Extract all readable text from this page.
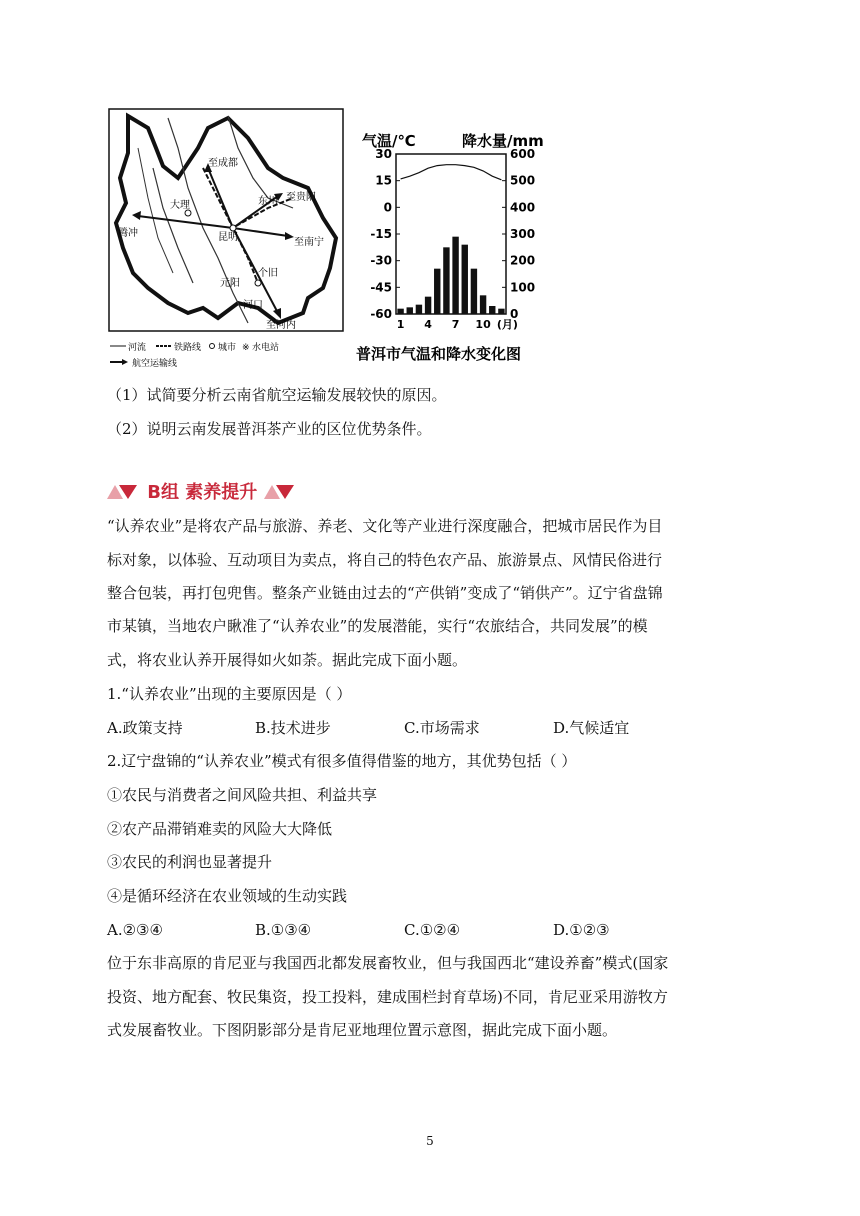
至成都
至贵阳
至南宁
至河内
大理	东川
昆明
腾冲
元阳
个旧
河口
河流	铁路线 城市 ※ 水电站
航空运输线
气温/℃	降水量/mm
30
15
0
-15
-30
-45
-60
600
500
400
300
200
100
0
1 4 7 10 (月)
普洱市气温和降水变化图
（1）试简要分析云南省航空运输发展较快的原因。
（2）说明云南发展普洱茶产业的区位优势条件。
B组 素养提升
“认养农业”是将农产品与旅游、养老、文化等产业进行深度融合，把城市居民作为目
标对象，以体验、互动项目为卖点，将自己的特色农产品、旅游景点、风情民俗进行
整合包装，再打包兜售。整条产业链由过去的“产供销”变成了“销供产”。辽宁省盘锦
市某镇，当地农户瞅准了“认养农业”的发展潜能，实行“农旅结合，共同发展”的模
式，将农业认养开展得如火如荼。据此完成下面小题。
1.“认养农业”出现的主要原因是（ ）
A.政策支持	B.技术进步	C.市场需求	D.气候适宜
2.辽宁盘锦的“认养农业”模式有很多值得借鉴的地方，其优势包括（ ）
①农民与消费者之间风险共担、利益共享
②农产品滞销难卖的风险大大降低
③农民的利润也显著提升
④是循环经济在农业领域的生动实践
A.②③④	B.①③④	C.①②④	D.①②③
位于东非高原的肯尼亚与我国西北都发展畜牧业，但与我国西北“建设养畜”模式(国家
投资、地方配套、牧民集资，投工投料，建成围栏封育草场)不同，肯尼亚采用游牧方
式发展畜牧业。下图阴影部分是肯尼亚地理位置示意图，据此完成下面小题。
5
